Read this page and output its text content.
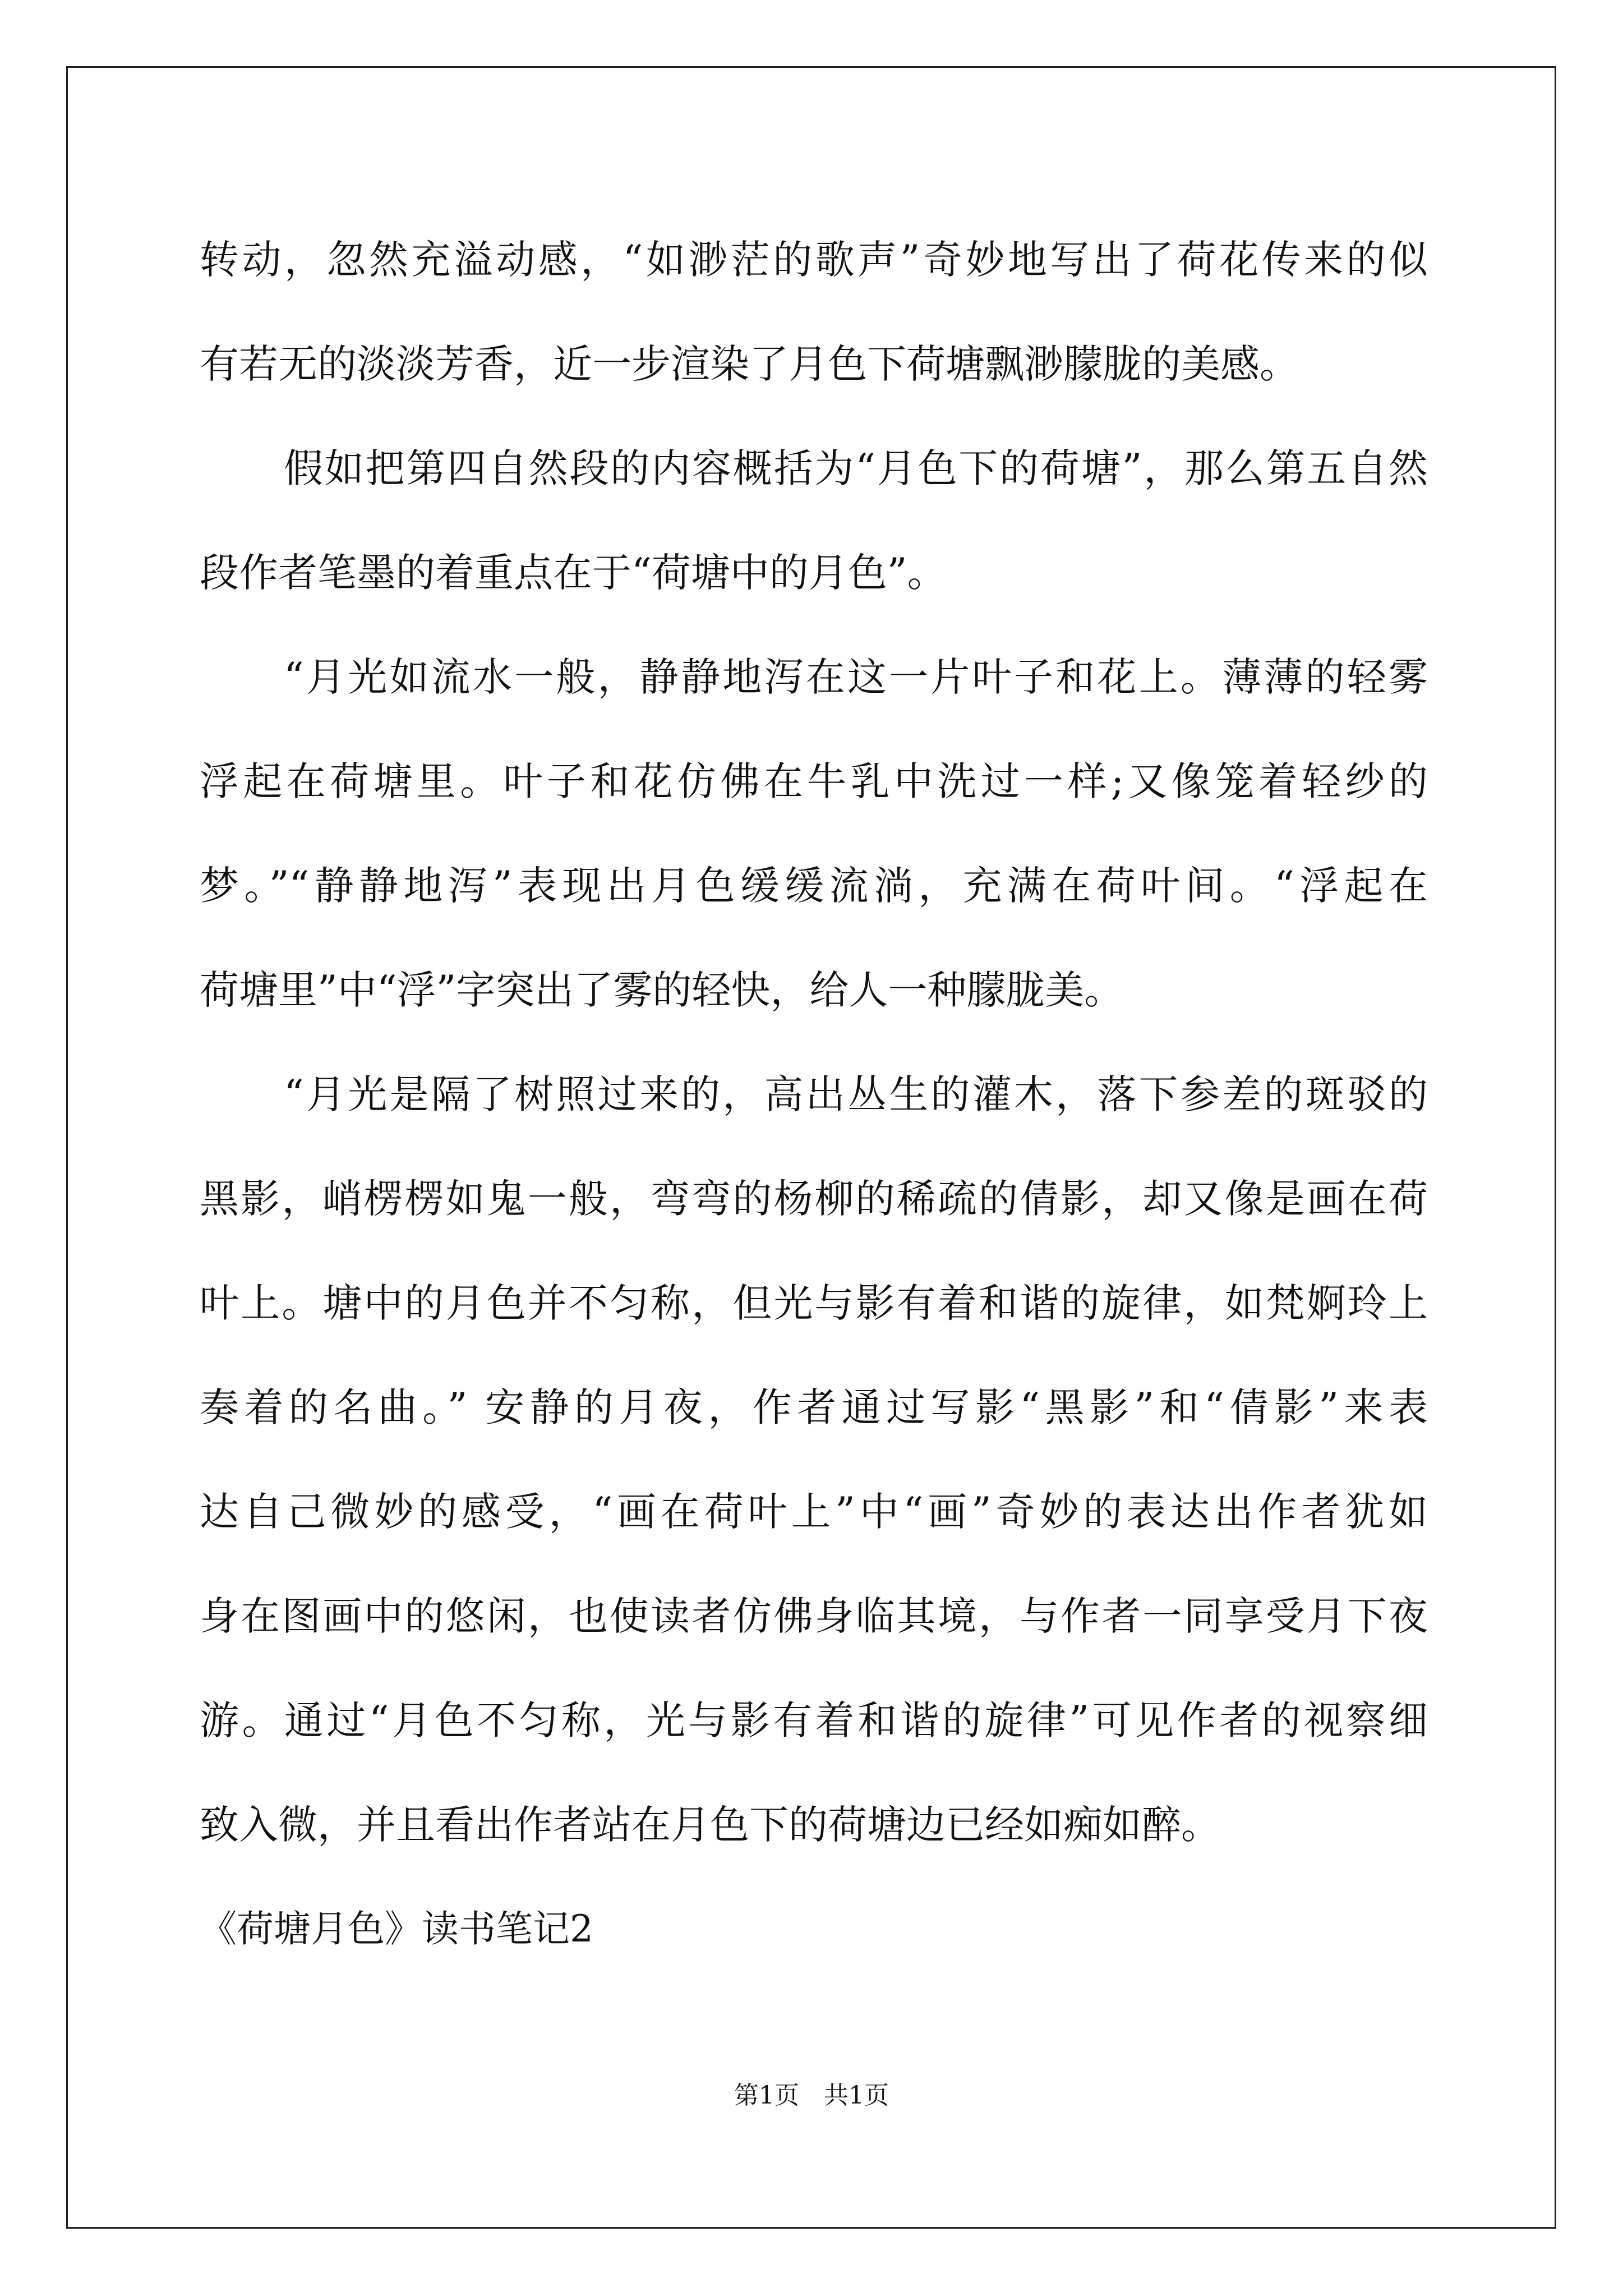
转动，忽然充溢动感，“如渺茫的歌声”奇妙地写出了荷花传来的似
有若无的淡淡芳香，近一步渲染了月色下荷塘飘渺朦胧的美感。
假如把第四自然段的内容概括为“月色下的荷塘”，那么第五自然
段作者笔墨的着重点在于“荷塘中的月色”。
“月光如流水一般，静静地泻在这一片叶子和花上。薄薄的轻雾
浮起在荷塘里。叶子和花仿佛在牛乳中洗过一样;又像笼着轻纱的
梦。”“静静地泻”表现出月色缓缓流淌，充满在荷叶间。“浮起在
荷塘里”中“浮”字突出了雾的轻快，给人一种朦胧美。
“月光是隔了树照过来的，高出丛生的灌木，落下参差的斑驳的
黑影，峭楞楞如鬼一般，弯弯的杨柳的稀疏的倩影，却又像是画在荷
叶上。塘中的月色并不匀称，但光与影有着和谐的旋律，如梵婀玲上
奏着的名曲。” 安静的月夜，作者通过写影“黑影”和“倩影”来表
达自己微妙的感受，“画在荷叶上”中“画”奇妙的表达出作者犹如
身在图画中的悠闲，也使读者仿佛身临其境，与作者一同享受月下夜
游。通过“月色不匀称，光与影有着和谐的旋律”可见作者的视察细
致入微，并且看出作者站在月色下的荷塘边已经如痴如醉。
《荷塘月色》读书笔记2
第1页　共1页
